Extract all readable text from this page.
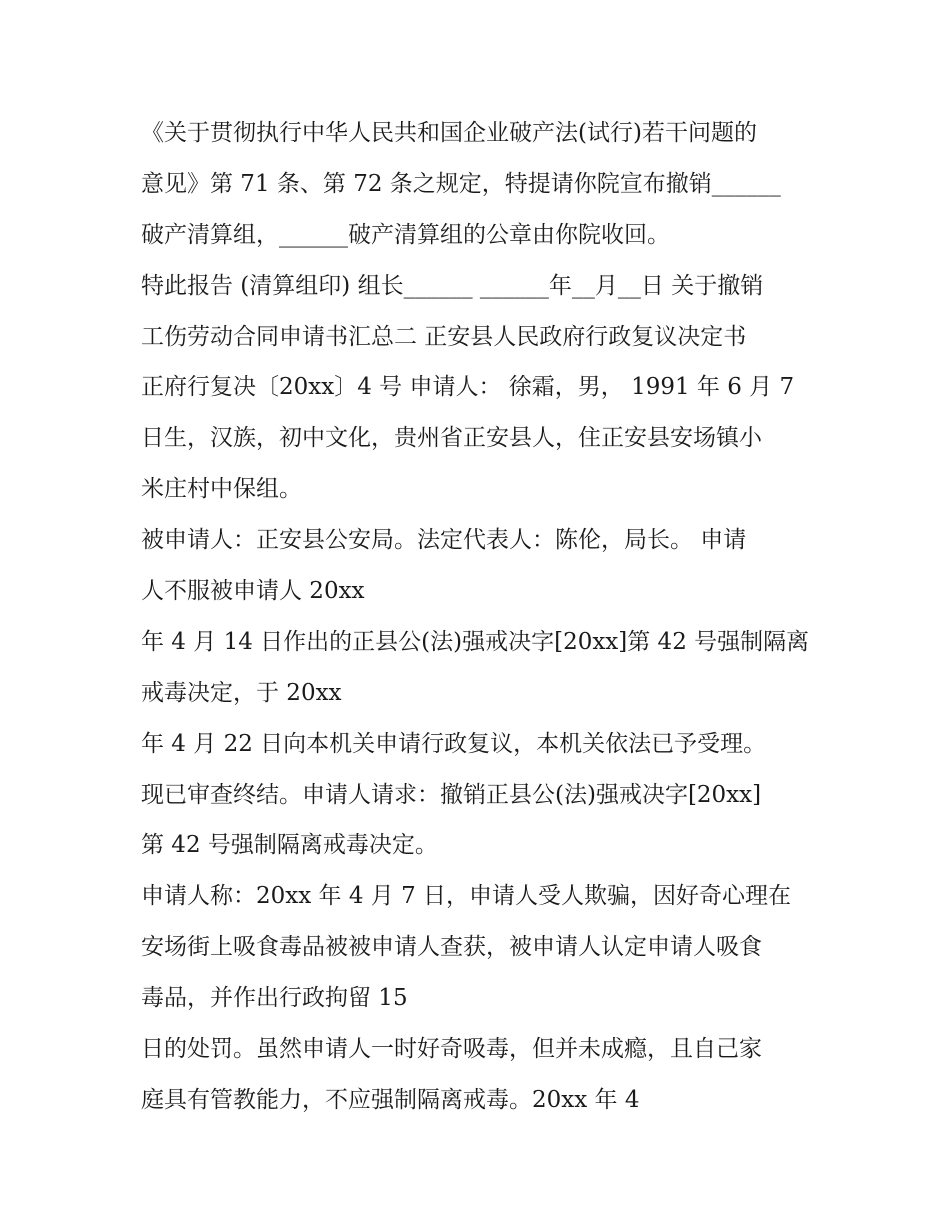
《关于贯彻执行中华人民共和国企业破产法(试行)若干问题的
意见》第 71 条、第 72 条之规定，特提请你院宣布撤销______
破产清算组，______破产清算组的公章由你院收回。
特此报告 (清算组印) 组长______ ______年__月__日 关于撤销
工伤劳动合同申请书汇总二 正安县人民政府行政复议决定书
正府行复决〔20xx〕4 号 申请人： 徐霜，男， 1991 年 6 月 7
日生，汉族，初中文化，贵州省正安县人，住正安县安场镇小
米庄村中保组。
被申请人：正安县公安局。法定代表人：陈伦，局长。 申请
人不服被申请人 20xx
年 4 月 14 日作出的正县公(法)强戒决字[20xx]第 42 号强制隔离
戒毒决定，于 20xx
年 4 月 22 日向本机关申请行政复议，本机关依法已予受理。
现已审查终结。申请人请求：撤销正县公(法)强戒决字[20xx]
第 42 号强制隔离戒毒决定。
申请人称：20xx 年 4 月 7 日，申请人受人欺骗，因好奇心理在
安场街上吸食毒品被被申请人查获，被申请人认定申请人吸食
毒品，并作出行政拘留 15
日的处罚。虽然申请人一时好奇吸毒，但并未成瘾，且自己家
庭具有管教能力，不应强制隔离戒毒。20xx 年 4
